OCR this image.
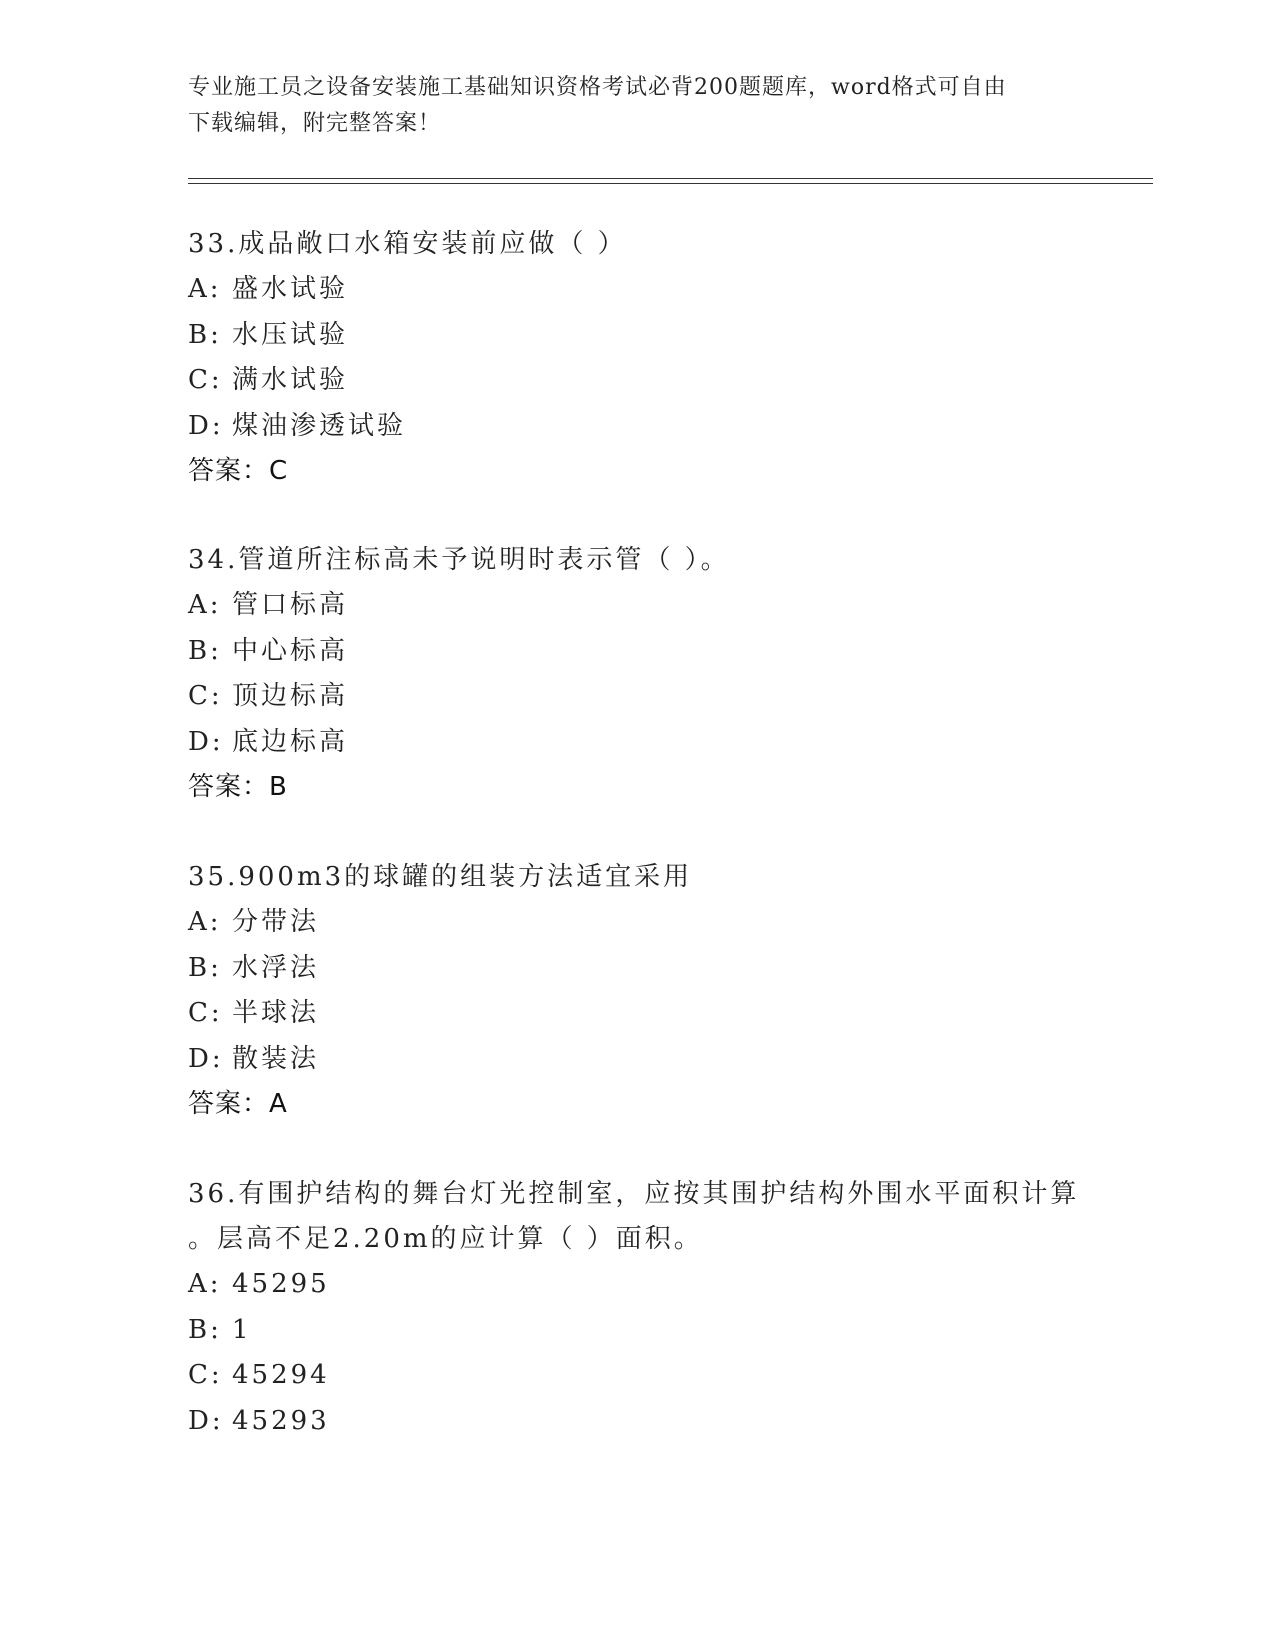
专业施工员之设备安装施工基础知识资格考试必背200题题库，word格式可自由
下载编辑，附完整答案！

33.成品敞口水箱安装前应做（ ）

A: 盛水试验

B: 水压试验

C: 满水试验

D: 煤油渗透试验

答案：C

34.管道所注标高未予说明时表示管（ ）。

A: 管口标高

B: 中心标高

C: 顶边标高

D: 底边标高

答案：B

35.900m3的球罐的组装方法适宜采用

A: 分带法

B: 水浮法

C: 半球法

D: 散装法

答案：A

36.有围护结构的舞台灯光控制室，应按其围护结构外围水平面积计算

。层高不足2.20m的应计算（ ）面积。

A: 45295

B: 1

C: 45294

D: 45293
